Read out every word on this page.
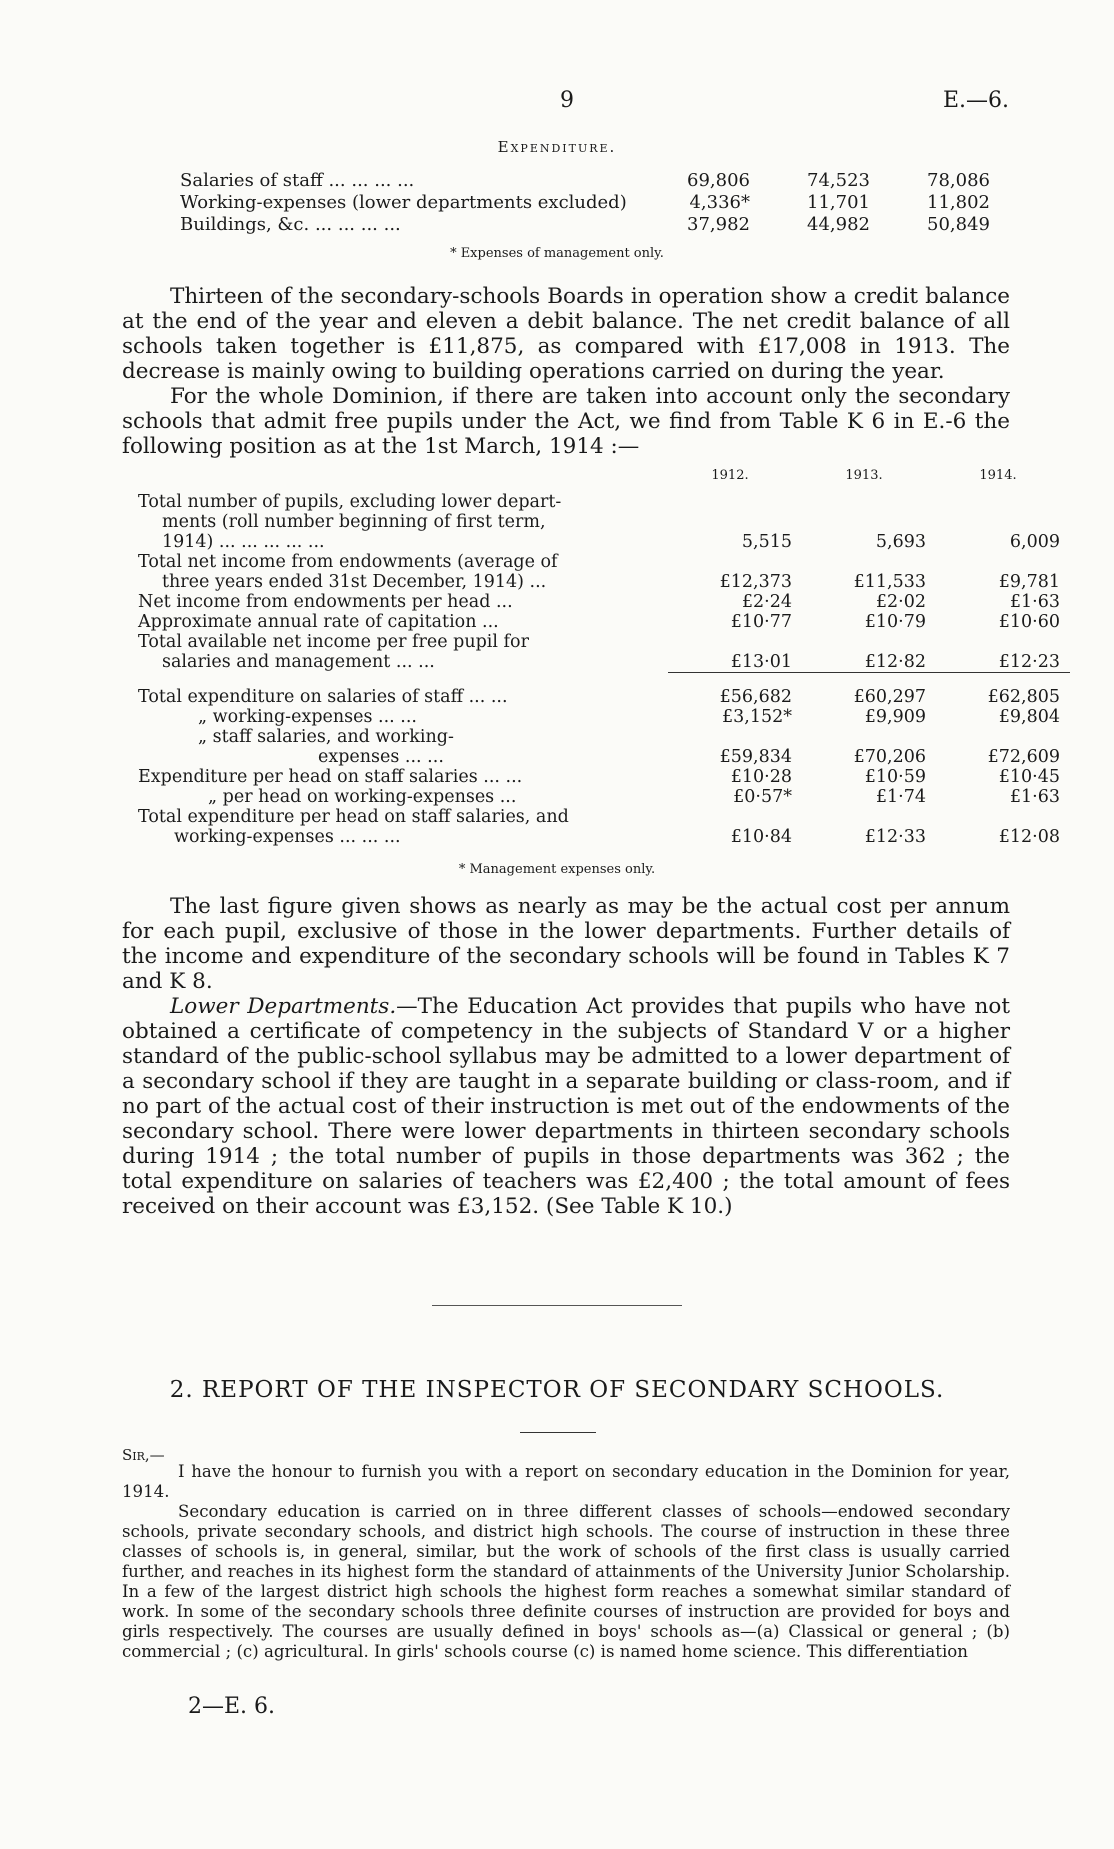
9	E.—6.
Expenditure.
Salaries of staff ... ... ... ...	69,806	74,523	78,086
Working-expenses (lower departments excluded)	4,336*	11,701	11,802
Buildings, &c. ... ... ... ...	37,982	44,982	50,849
* Expenses of management only.

Thirteen of the secondary-schools Boards in operation show a credit balance at the end of the year and eleven a debit balance. The net credit balance of all schools taken together is £11,875, as compared with £17,008 in 1913. The decrease is mainly owing to building operations carried on during the year.

For the whole Dominion, if there are taken into account only the secondary schools that admit free pupils under the Act, we find from Table K 6 in E.-6 the following position as at the 1st March, 1914 :—

	1912.	1913.	1914.

Total number of pupils, excluding lower depart-
ments (roll number beginning of first term,
1914) ... ... ... ... ...	5,515	5,693	6,009

Total net income from endowments (average of
three years ended 31st December, 1914) ...	£12,373	£11,533	£9,781
Net income from endowments per head ...	£2·24	£2·02	£1·63
Approximate annual rate of capitation ...	£10·77	£10·79	£10·60

Total available net income per free pupil for
salaries and management ... ...	£13·01	£12·82	£12·23

Total expenditure on salaries of staff ... ...	£56,682	£60,297	£62,805
„ working-expenses ... ...	£3,152*	£9,909	£9,804

„ staff salaries, and working-
expenses ... ...	£59,834	£70,206	£72,609
Expenditure per head on staff salaries ... ...	£10·28	£10·59	£10·45
„ per head on working-expenses ...	£0·57*	£1·74	£1·63

Total expenditure per head on staff salaries, and
working-expenses ... ... ...	£10·84	£12·33	£12·08
* Management expenses only.

The last figure given shows as nearly as may be the actual cost per annum for each pupil, exclusive of those in the lower departments. Further details of the income and expenditure of the secondary schools will be found in Tables K 7 and K 8.

Lower Departments.—The Education Act provides that pupils who have not obtained a certificate of competency in the subjects of Standard V or a higher standard of the public-school syllabus may be admitted to a lower department of a secondary school if they are taught in a separate building or class-room, and if no part of the actual cost of their instruction is met out of the endowments of the secondary school. There were lower departments in thirteen secondary schools during 1914 ; the total number of pupils in those departments was 362 ; the total expenditure on salaries of teachers was £2,400 ; the total amount of fees received on their account was £3,152. (See Table K 10.)

2. REPORT OF THE INSPECTOR OF SECONDARY SCHOOLS.
Sir,—

I have the honour to furnish you with a report on secondary education in the Dominion for year, 1914.

Secondary education is carried on in three different classes of schools—endowed secondary schools, private secondary schools, and district high schools. The course of instruction in these three classes of schools is, in general, similar, but the work of schools of the first class is usually carried further, and reaches in its highest form the standard of attainments of the University Junior Scholarship. In a few of the largest district high schools the highest form reaches a somewhat similar standard of work. In some of the secondary schools three definite courses of instruction are provided for boys and girls respectively. The courses are usually defined in boys' schools as—(a) Classical or general ; (b) commercial ; (c) agricultural. In girls' schools course (c) is named home science. This differentiation

2—E. 6.
